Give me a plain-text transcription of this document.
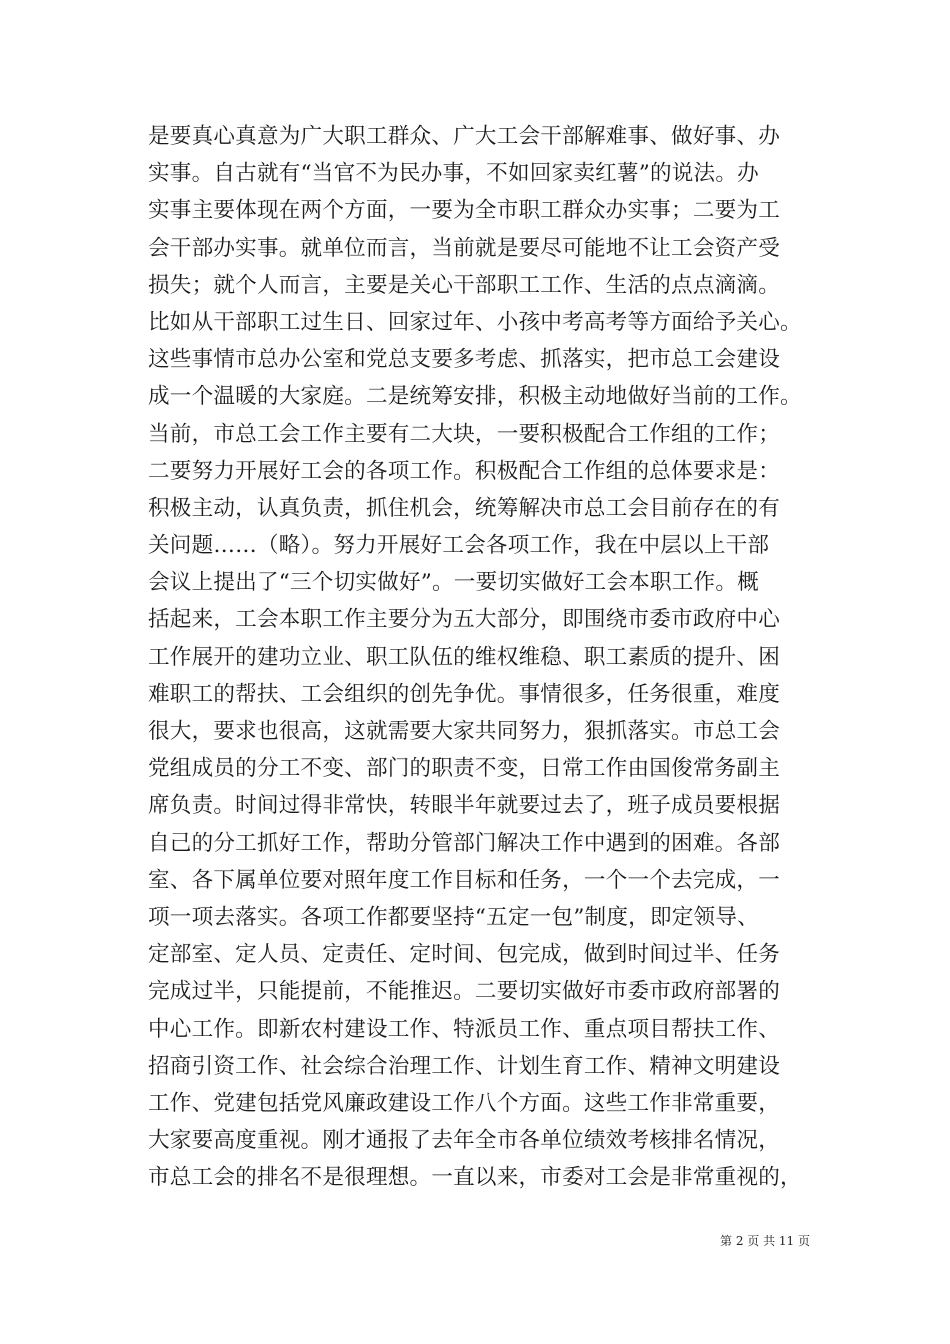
是要真心真意为广大职工群众、广大工会干部解难事、做好事、办
实事。自古就有“当官不为民办事，不如回家卖红薯”的说法。办
实事主要体现在两个方面，一要为全市职工群众办实事；二要为工
会干部办实事。就单位而言，当前就是要尽可能地不让工会资产受
损失；就个人而言，主要是关心干部职工工作、生活的点点滴滴。
比如从干部职工过生日、回家过年、小孩中考高考等方面给予关心。
这些事情市总办公室和党总支要多考虑、抓落实，把市总工会建设
成一个温暖的大家庭。二是统筹安排，积极主动地做好当前的工作。
当前，市总工会工作主要有二大块，一要积极配合工作组的工作；
二要努力开展好工会的各项工作。积极配合工作组的总体要求是：
积极主动，认真负责，抓住机会，统筹解决市总工会目前存在的有
关问题……（略）。努力开展好工会各项工作，我在中层以上干部
会议上提出了“三个切实做好”。一要切实做好工会本职工作。概
括起来，工会本职工作主要分为五大部分，即围绕市委市政府中心
工作展开的建功立业、职工队伍的维权维稳、职工素质的提升、困
难职工的帮扶、工会组织的创先争优。事情很多，任务很重，难度
很大，要求也很高，这就需要大家共同努力，狠抓落实。市总工会
党组成员的分工不变、部门的职责不变，日常工作由国俊常务副主
席负责。时间过得非常快，转眼半年就要过去了，班子成员要根据
自己的分工抓好工作，帮助分管部门解决工作中遇到的困难。各部
室、各下属单位要对照年度工作目标和任务，一个一个去完成，一
项一项去落实。各项工作都要坚持“五定一包”制度，即定领导、
定部室、定人员、定责任、定时间、包完成，做到时间过半、任务
完成过半，只能提前，不能推迟。二要切实做好市委市政府部署的
中心工作。即新农村建设工作、特派员工作、重点项目帮扶工作、
招商引资工作、社会综合治理工作、计划生育工作、精神文明建设
工作、党建包括党风廉政建设工作八个方面。这些工作非常重要，
大家要高度重视。刚才通报了去年全市各单位绩效考核排名情况，
市总工会的排名不是很理想。一直以来，市委对工会是非常重视的，
第 2 页 共 11 页
